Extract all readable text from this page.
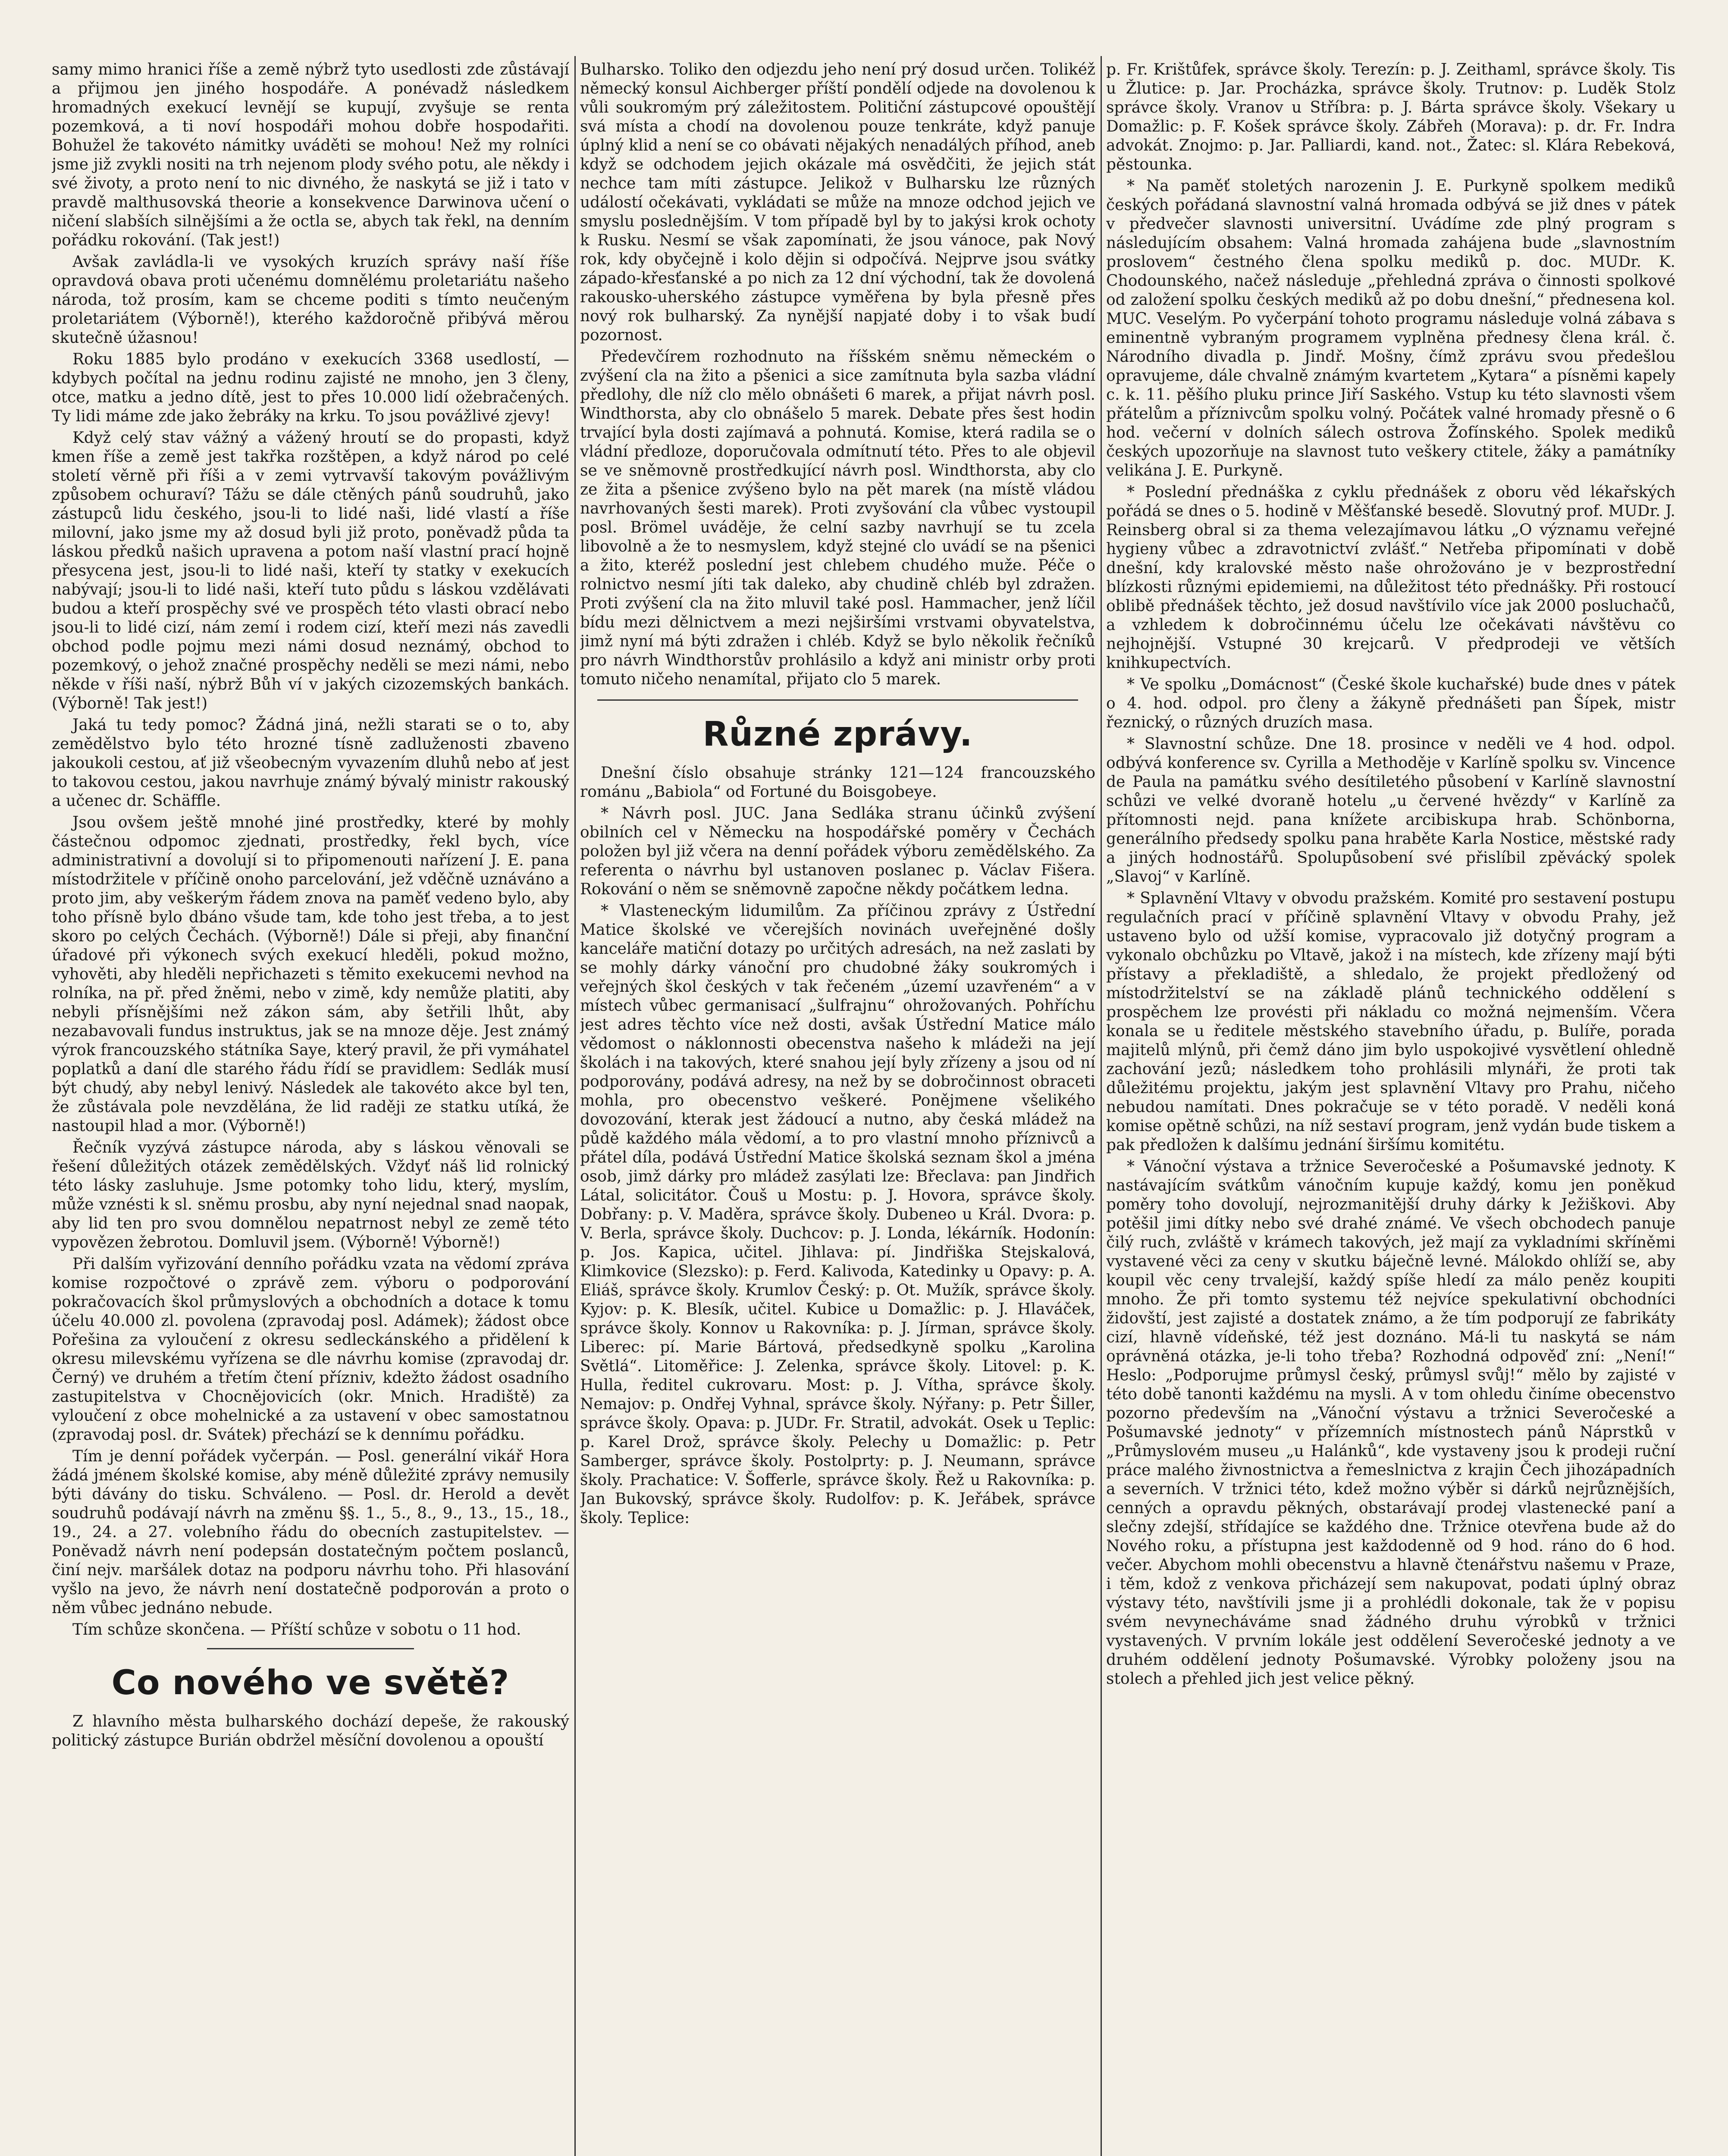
samy mimo hranici říše a země nýbrž tyto usedlosti zde zůstávají a přijmou jen jiného hospodáře. A ponévadž následkem hromadných exekucí levnějí se kupují, zvyšuje se renta pozemková, a ti noví hospodáři mohou dobře hospodařiti. Bohužel že takovéto námitky uváděti se mohou! Než my rolníci jsme již zvykli nositi na trh nejenom plody svého potu, ale někdy i své životy, a proto není to nic divného, že naskytá se již i tato v pravdě malthusovská theorie a konsekvence Darwinova učení o ničení slabších silnějšími a že octla se, abych tak řekl, na denním pořádku rokování. (Tak jest!)

Avšak zavládla-li ve vysokých kruzích správy naší říše opravdová obava proti učenému domnělému proletariátu našeho národa, tož prosím, kam se chceme poditi s tímto neučeným proletariátem (Výborně!), kterého každoročně přibývá měrou skutečně úžasnou!

Roku 1885 bylo prodáno v exekucích 3368 usedlostí, — kdybych počítal na jednu rodinu zajisté ne mnoho, jen 3 členy, otce, matku a jedno dítě, jest to přes 10.000 lidí ožebračených. Ty lidi máme zde jako žebráky na krku. To jsou povážlivé zjevy!

Když celý stav vážný a vážený hroutí se do propasti, když kmen říše a země jest takřka rozštěpen, a když národ po celé století věrně při říši a v zemi vytrvavší takovým povážlivým způsobem ochuraví? Tážu se dále ctěných pánů soudruhů, jako zástupců lidu českého, jsou-li to lidé naši, lidé vlastí a říše milovní, jako jsme my až dosud byli již proto, poněvadž půda ta láskou předků našich upravena a potom naší vlastní prací hojně přesycena jest, jsou-li to lidé naši, kteří ty statky v exekucích nabývají; jsou-li to lidé naši, kteří tuto půdu s láskou vzdělávati budou a kteří prospěchy své ve prospěch této vlasti obrací nebo jsou-li to lidé cizí, nám zemí i rodem cizí, kteří mezi nás zavedli obchod podle pojmu mezi námi dosud neznámý, obchod to pozemkový, o jehož značné prospěchy neděli se mezi námi, nebo někde v říši naší, nýbrž Bůh ví v jakých cizozemských bankách. (Výborně! Tak jest!)

Jaká tu tedy pomoc? Žádná jiná, nežli starati se o to, aby zemědělstvo bylo této hrozné tísně zadluženosti zbaveno jakoukoli cestou, ať již všeobecným vyvazením dluhů nebo ať jest to takovou cestou, jakou navrhuje známý bývalý ministr rakouský a učenec dr. Schäffle.

Jsou ovšem ještě mnohé jiné prostředky, které by mohly částečnou odpomoc zjednati, prostředky, řekl bych, více administrativní a dovolují si to připomenouti nařízení J. E. pana místodržitele v příčině onoho parcelování, jež vděčně uznáváno a proto jim, aby veškerým řádem znova na paměť vedeno bylo, aby toho přísně bylo dbáno všude tam, kde toho jest třeba, a to jest skoro po celých Čechách. (Výborně!) Dále si přeji, aby finanční úřadové při výkonech svých exekucí hleděli, pokud možno, vyhověti, aby hleděli nepřichazeti s těmito exekucemi nevhod na rolníka, na př. před žněmi, nebo v zimě, kdy nemůže platiti, aby nebyli přísnějšími než zákon sám, aby šetřili lhůt, aby nezabavovali fundus instruktus, jak se na mnoze děje. Jest známý výrok francouzského státníka Saye, který pravil, že při vymáhatel poplatků a daní dle starého řádu řídí se pravidlem: Sedlák musí být chudý, aby nebyl lenivý. Následek ale takovéto akce byl ten, že zůstávala pole nevzdělána, že lid raději ze statku utíká, že nastoupil hlad a mor. (Výborně!)

Řečník vyzývá zástupce národa, aby s láskou věnovali se řešení důležitých otázek zemědělských. Vždyť náš lid rolnický této lásky zasluhuje. Jsme potomky toho lidu, který, myslím, může vznésti k sl. sněmu prosbu, aby nyní nejednal snad naopak, aby lid ten pro svou domnělou nepatrnost nebyl ze země této vypovězen žebrotou. Domluvil jsem. (Výborně! Výborně!)

Při dalším vyřizování denního pořádku vzata na vědomí zpráva komise rozpočtové o zprávě zem. výboru o podporování pokračovacích škol průmyslových a obchodních a dotace k tomu účelu 40.000 zl. povolena (zpravodaj posl. Adámek); žádost obce Pořešina za vyloučení z okresu sedleckánského a přidělení k okresu milevskému vyřízena se dle návrhu komise (zpravodaj dr. Černý) ve druhém a třetím čtení přízniv, kdežto žádost osadního zastupitelstva v Chocnějovicích (okr. Mnich. Hradiště) za vyloučení z obce mohelnické a za ustavení v obec samostatnou (zpravodaj posl. dr. Svátek) přechází se k dennímu pořádku.

Tím je denní pořádek vyčerpán. — Posl. generální vikář Hora žádá jménem školské komise, aby méně důležité zprávy nemusily býti dávány do tisku. Schváleno. — Posl. dr. Herold a devět soudruhů podávají návrh na změnu §§. 1., 5., 8., 9., 13., 15., 18., 19., 24. a 27. volebního řádu do obecních zastupitelstev. — Poněvadž návrh není podepsán dostatečným počtem poslanců, činí nejv. maršálek dotaz na podporu návrhu toho. Při hlasování vyšlo na jevo, že návrh není dostatečně podporován a proto o něm vůbec jednáno nebude.

Tím schůze skončena. — Příští schůze v sobotu o 11 hod.

Co nového ve světě?

Z hlavního města bulharského dochází depeše, že rakouský politický zástupce Burián obdržel měsíční dovolenou a opouští

Bulharsko. Toliko den odjezdu jeho není prý dosud určen. Tolikéž německý konsul Aichberger příští pondělí odjede na dovolenou k vůli soukromým prý záležitostem. Političní zástupcové opouštějí svá místa a chodí na dovolenou pouze tenkráte, když panuje úplný klid a není se co obávati nějakých nenadálých příhod, aneb když se odchodem jejich okázale má osvědčiti, že jejich stát nechce tam míti zástupce. Jelikož v Bulharsku lze různých událostí očekávati, vykládati se může na mnoze odchod jejich ve smyslu poslednějším. V tom případě byl by to jakýsi krok ochoty k Rusku. Nesmí se však zapomínati, že jsou vánoce, pak Nový rok, kdy obyčejně i kolo dějin si odpočívá. Nejprve jsou svátky západo-křesťanské a po nich za 12 dní východní, tak že dovolená rakousko-uherského zástupce vyměřena by byla přesně přes nový rok bulharský. Za nynější napjaté doby i to však budí pozornost.

Předevčírem rozhodnuto na říšském sněmu německém o zvýšení cla na žito a pšenici a sice zamítnuta byla sazba vládní předlohy, dle níž clo mělo obnášeti 6 marek, a přijat návrh posl. Windthorsta, aby clo obnášelo 5 marek. Debate přes šest hodin trvající byla dosti zajímavá a pohnutá. Komise, která radila se o vládní předloze, doporučovala odmítnutí této. Přes to ale objevil se ve sněmovně prostředkující návrh posl. Windthorsta, aby clo ze žita a pšenice zvýšeno bylo na pět marek (na místě vládou navrhovaných šesti marek). Proti zvyšování cla vůbec vystoupil posl. Brömel uváděje, že celní sazby navrhují se tu zcela libovolně a že to nesmyslem, když stejné clo uvádí se na pšenici a žito, kteréž poslední jest chlebem chudého muže. Péče o rolnictvo nesmí jíti tak daleko, aby chudině chléb byl zdražen. Proti zvýšení cla na žito mluvil také posl. Hammacher, jenž líčil bídu mezi dělnictvem a mezi nejširšími vrstvami obyvatelstva, jimž nyní má býti zdražen i chléb. Když se bylo několik řečníků pro návrh Windthorstův prohlásilo a když ani ministr orby proti tomuto ničeho nenamítal, přijato clo 5 marek.

Různé zprávy.

Dnešní číslo obsahuje stránky 121—124 francouzského románu „Babiola“ od Fortuné du Boisgobeye.

* Návrh posl. JUC. Jana Sedláka stranu účinků zvýšení obilních cel v Německu na hospodářské poměry v Čechách položen byl již včera na denní pořádek výboru zemědělského. Za referenta o návrhu byl ustanoven poslanec p. Václav Fišera. Rokování o něm se sněmovně započne někdy počátkem ledna.

* Vlasteneckým lidumilům. Za příčinou zprávy z Ústřední Matice školské ve včerejších novinách uveřejněné došly kanceláře matiční dotazy po určitých adresách, na než zaslati by se mohly dárky vánoční pro chudobné žáky soukromých i veřejných škol českých v tak řečeném „území uzavřeném“ a v místech vůbec germanisací „šulfrajnu“ ohrožovaných. Pohříchu jest adres těchto více než dosti, avšak Ústřední Matice málo vědomost o náklonnosti obecenstva našeho k mládeži na její školách i na takových, které snahou její byly zřízeny a jsou od ní podporovány, podává adresy, na než by se dobročinnost obraceti mohla, pro obecenstvo veškeré. Ponějmene všelikého dovozování, kterak jest žádoucí a nutno, aby česká mládež na půdě každého mála vědomí, a to pro vlastní mnoho příznivců a přátel díla, podává Ústřední Matice školská seznam škol a jména osob, jimž dárky pro mládež zasýlati lze: Břeclava: pan Jindřich Látal, solicitátor. Čouš u Mostu: p. J. Hovora, správce školy. Dobřany: p. V. Maděra, správce školy. Dubeneo u Král. Dvora: p. V. Berla, správce školy. Duchcov: p. J. Londa, lékárník. Hodonín: p. Jos. Kapica, učitel. Jihlava: pí. Jindřiška Stejskalová, Klimkovice (Slezsko): p. Ferd. Kalivoda, Katedinky u Opavy: p. A. Eliáš, správce školy. Krumlov Český: p. Ot. Mužík, správce školy. Kyjov: p. K. Blesík, učitel. Kubice u Domažlic: p. J. Hlaváček, správce školy. Konnov u Rakovníka: p. J. Jírman, správce školy. Liberec: pí. Marie Bártová, předsedkyně spolku „Karolina Světlá“. Litoměřice: J. Zelenka, správce školy. Litovel: p. K. Hulla, ředitel cukrovaru. Most: p. J. Vítha, správce školy. Nemajov: p. Ondřej Vyhnal, správce školy. Nýřany: p. Petr Šiller, správce školy. Opava: p. JUDr. Fr. Stratil, advokát. Osek u Teplic: p. Karel Drož, správce školy. Pelechy u Domažlic: p. Petr Samberger, správce školy. Postolprty: p. J. Neumann, správce školy. Prachatice: V. Šofferle, správce školy. Řež u Rakovníka: p. Jan Bukovský, správce školy. Rudolfov: p. K. Jeřábek, správce školy. Teplice:

p. Fr. Krištůfek, správce školy. Terezín: p. J. Zeithaml, správce školy. Tis u Žlutice: p. Jar. Procházka, správce školy. Trutnov: p. Luděk Stolz správce školy. Vranov u Stříbra: p. J. Bárta správce školy. Všekary u Domažlic: p. F. Košek správce školy. Zábřeh (Morava): p. dr. Fr. Indra advokát. Znojmo: p. Jar. Palliardi, kand. not., Žatec: sl. Klára Rebeková, pěstounka.

* Na paměť stoletých narozenin J. E. Purkyně spolkem mediků českých pořádaná slavnostní valná hromada odbývá se již dnes v pátek v předvečer slavnosti universitní. Uvádíme zde plný program s následujícím obsahem: Valná hromada zahájena bude „slavnostním proslovem“ čestného člena spolku mediků p. doc. MUDr. K. Chodounského, načež následuje „přehledná zpráva o činnosti spolkové od založení spolku českých mediků až po dobu dnešní,“ přednesena kol. MUC. Veselým. Po vyčerpání tohoto programu následuje volná zábava s eminentně vybraným programem vyplněna přednesy člena král. č. Národního divadla p. Jindř. Mošny, čímž zprávu svou předešlou opravujeme, dále chvalně známým kvartetem „Kytara“ a písněmi kapely c. k. 11. pěšího pluku prince Jiří Saského. Vstup ku této slavnosti všem přátelům a příznivcům spolku volný. Počátek valné hromady přesně o 6 hod. večerní v dolních sálech ostrova Žofínského. Spolek mediků českých upozorňuje na slavnost tuto veškery ctitele, žáky a památníky velikána J. E. Purkyně.

* Poslední přednáška z cyklu přednášek z oboru věd lékařských pořádá se dnes o 5. hodině v Měšťanské besedě. Slovutný prof. MUDr. J. Reinsberg obral si za thema velezajímavou látku „O významu veřejné hygieny vůbec a zdravotnictví zvlášť.“ Netřeba připomínati v době dnešní, kdy kralovské město naše ohrožováno je v bezprostřední blízkosti různými epidemiemi, na důležitost této přednášky. Při rostoucí oblibě přednášek těchto, jež dosud navštívilo více jak 2000 posluchačů, a vzhledem k dobročinnému účelu lze očekávati návštěvu co nejhojnější. Vstupné 30 krejcarů. V předprodeji ve větších knihkupectvích.

* Ve spolku „Domácnost“ (České škole kuchařské) bude dnes v pátek o 4. hod. odpol. pro členy a žákyně přednášeti pan Šípek, mistr řeznický, o různých druzích masa.

* Slavnostní schůze. Dne 18. prosince v neděli ve 4 hod. odpol. odbývá konference sv. Cyrilla a Methoděje v Karlíně spolku sv. Vincence de Paula na památku svého desítiletého působení v Karlíně slavnostní schůzi ve velké dvoraně hotelu „u červené hvězdy“ v Karlíně za přítomnosti nejd. pana knížete arcibiskupa hrab. Schönborna, generálního předsedy spolku pana hraběte Karla Nostice, městské rady a jiných hodnostářů. Spolupůsobení své přislíbil zpěvácký spolek „Slavoj“ v Karlíně.

* Splavnění Vltavy v obvodu pražském. Komité pro sestavení postupu regulačních prací v příčině splavnění Vltavy v obvodu Prahy, jež ustaveno bylo od užší komise, vypracovalo již dotyčný program a vykonalo obchůzku po Vltavě, jakož i na místech, kde zřízeny mají býti přístavy a překladiště, a shledalo, že projekt předložený od místodržitelství se na základě plánů technického oddělení s prospěchem lze provésti při nákladu co možná nejmenším. Včera konala se u ředitele městského stavebního úřadu, p. Bulíře, porada majitelů mlýnů, při čemž dáno jim bylo uspokojivé vysvětlení ohledně zachování jezů; následkem toho prohlásili mlynáři, že proti tak důležitému projektu, jakým jest splavnění Vltavy pro Prahu, ničeho nebudou namítati. Dnes pokračuje se v této poradě. V neděli koná komise opětně schůzi, na níž sestaví program, jenž vydán bude tiskem a pak předložen k dalšímu jednání širšímu komitétu.

* Vánoční výstava a tržnice Severočeské a Pošumavské jednoty. K nastávajícím svátkům vánočním kupuje každý, komu jen poněkud poměry toho dovolují, nejrozmanitější druhy dárky k Ježiškovi. Aby potěšil jimi dítky nebo své drahé známé. Ve všech obchodech panuje čilý ruch, zvláště v krámech takových, jež mají za vykladními skříněmi vystavené věci za ceny v skutku báječně levné. Málokdo ohlíží se, aby koupil věc ceny trvalejší, každý spíše hledí za málo peněz koupiti mnoho. Že při tomto systemu též nejvíce spekulativní obchodníci židovští, jest zajisté a dostatek známo, a že tím podporují ze fabrikáty cizí, hlavně vídeňské, též jest doznáno. Má-li tu naskytá se nám oprávněná otázka, je-li toho třeba? Rozhodná odpověď zní: „Není!“ Heslo: „Podporujme průmysl český, průmysl svůj!“ mělo by zajisté v této době tanonti každému na mysli. A v tom ohledu činíme obecenstvo pozorno především na „Vánoční výstavu a tržnici Severočeské a Pošumavské jednoty“ v přízemních místnostech pánů Náprstků v „Průmyslovém museu „u Halánků“, kde vystaveny jsou k prodeji ruční práce malého živnostnictva a řemeslnictva z krajin Čech jihozápadních a severních. V tržnici této, kdež možno výběr si dárků nejrůznějších, cenných a opravdu pěkných, obstarávají prodej vlastenecké paní a slečny zdejší, střídajíce se každého dne. Tržnice otevřena bude až do Nového roku, a přístupna jest každodenně od 9 hod. ráno do 6 hod. večer. Abychom mohli obecenstvu a hlavně čtenářstvu našemu v Praze, i těm, kdož z venkova přicházejí sem nakupovat, podati úplný obraz výstavy této, navštívili jsme ji a prohlédli dokonale, tak že v popisu svém nevynecháváme snad žádného druhu výrobků v tržnici vystavených. V prvním lokále jest oddělení Severočeské jednoty a ve druhém oddělení jednoty Pošumavské. Výrobky položeny jsou na stolech a přehled jich jest velice pěkný.
